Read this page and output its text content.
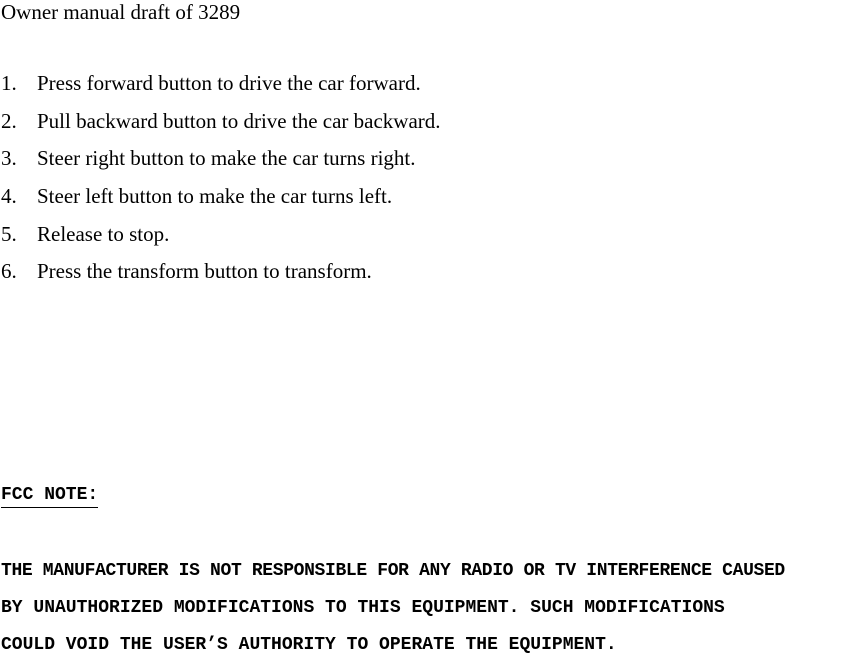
Owner manual draft of 3289
1. Press forward button to drive the car forward.
2. Pull backward button to drive the car backward.
3. Steer right button to make the car turns right.
4. Steer left button to make the car turns left.
5. Release to stop.
6. Press the transform button to transform.
FCC NOTE:
THE MANUFACTURER IS NOT RESPONSIBLE FOR ANY RADIO OR TV INTERFERENCE CAUSED
BY UNAUTHORIZED MODIFICATIONS TO THIS EQUIPMENT. SUCH MODIFICATIONS
COULD VOID THE USER’S AUTHORITY TO OPERATE THE EQUIPMENT.
